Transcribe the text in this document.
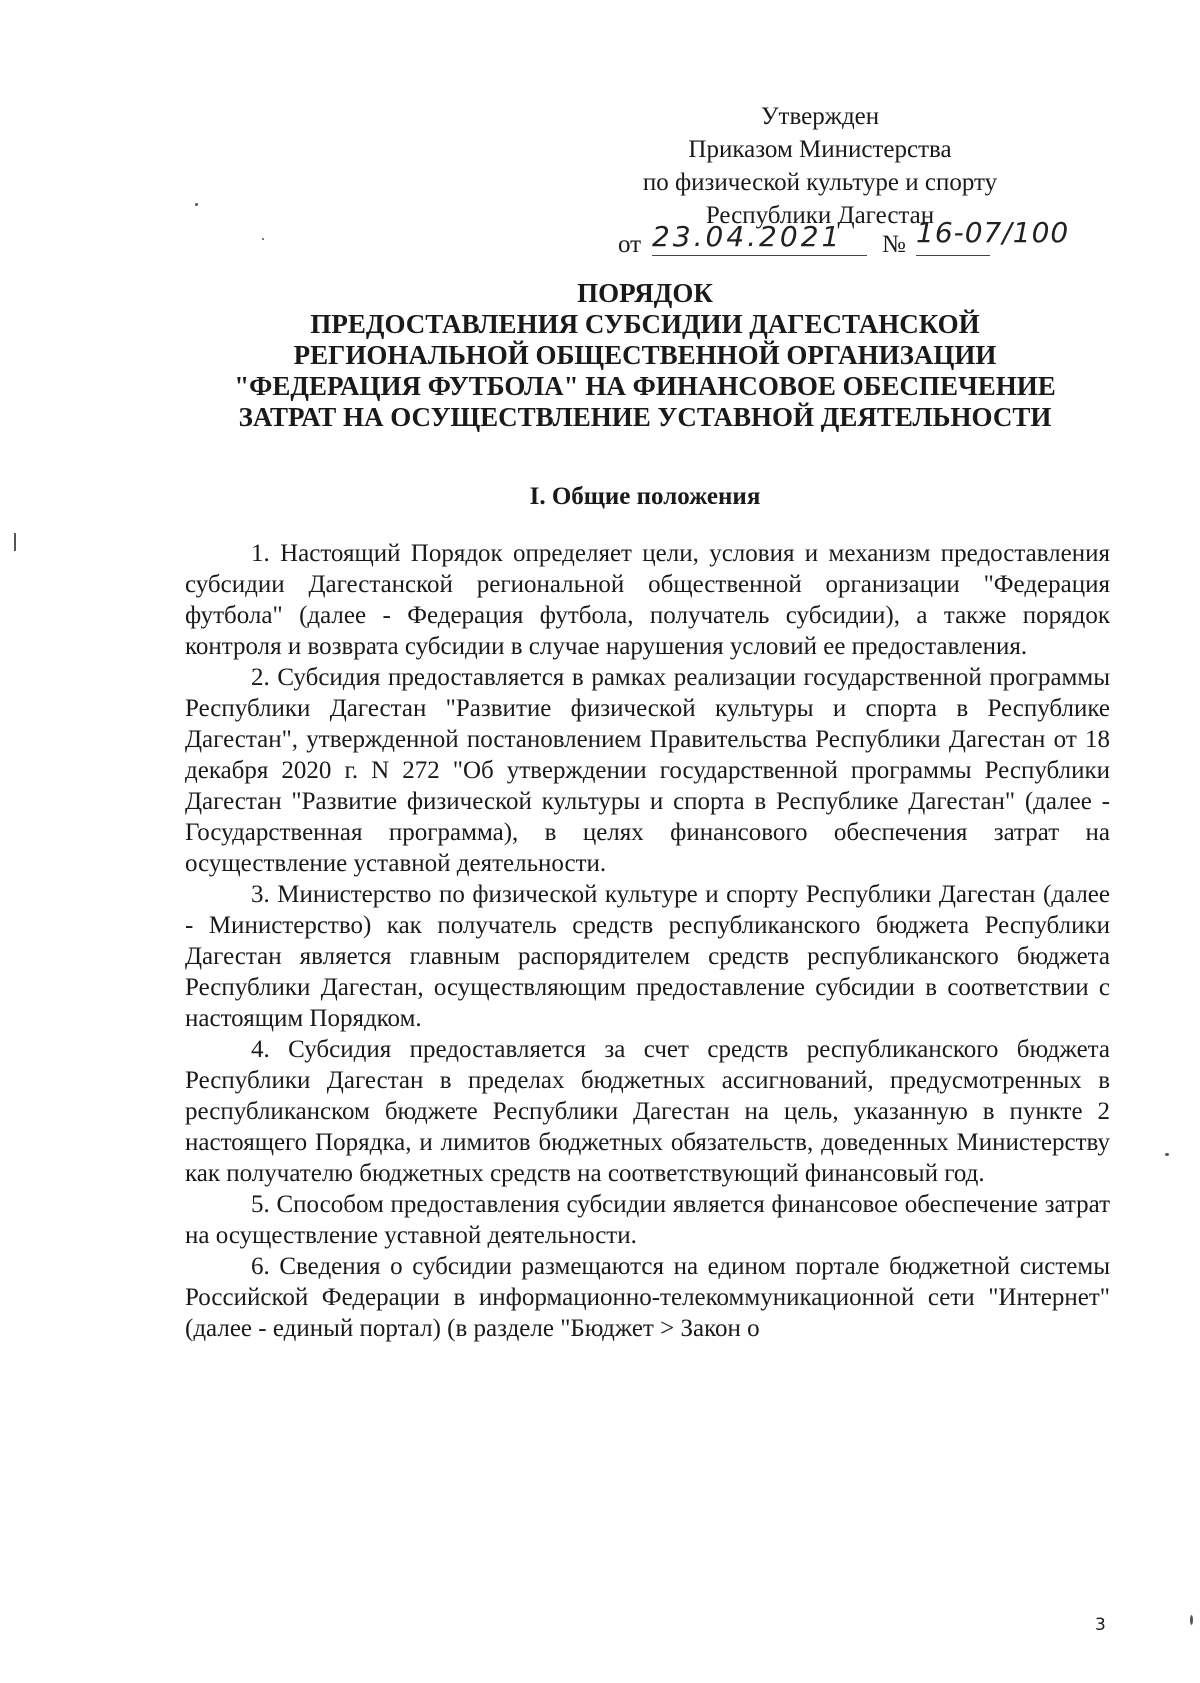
Утвержден
Приказом Министерства
по физической культуре и спорту
Республики Дагестан
от 23.04.2021	№ 16-07/100
ПОРЯДОК
ПРЕДОСТАВЛЕНИЯ СУБСИДИИ ДАГЕСТАНСКОЙ
РЕГИОНАЛЬНОЙ ОБЩЕСТВЕННОЙ ОРГАНИЗАЦИИ
"ФЕДЕРАЦИЯ ФУТБОЛА" НА ФИНАНСОВОЕ ОБЕСПЕЧЕНИЕ
ЗАТРАТ НА ОСУЩЕСТВЛЕНИЕ УСТАВНОЙ ДЕЯТЕЛЬНОСТИ
I. Общие положения

1. Настоящий Порядок определяет цели, условия и механизм предоставления субсидии Дагестанской региональной общественной организации "Федерация футбола" (далее - Федерация футбола, получатель субсидии), а также порядок контроля и возврата субсидии в случае нарушения условий ее предоставления.

2. Субсидия предоставляется в рамках реализации государственной программы Республики Дагестан "Развитие физической культуры и спорта в Республике Дагестан", утвержденной постановлением Правительства Республики Дагестан от 18 декабря 2020 г. N 272 "Об утверждении государственной программы Республики Дагестан "Развитие физической культуры и спорта в Республике Дагестан" (далее - Государственная программа), в целях финансового обеспечения затрат на осуществление уставной деятельности.

3. Министерство по физической культуре и спорту Республики Дагестан (далее - Министерство) как получатель средств республиканского бюджета Республики Дагестан является главным распорядителем средств республиканского бюджета Республики Дагестан, осуществляющим предоставление субсидии в соответствии с настоящим Порядком.

4. Субсидия предоставляется за счет средств республиканского бюджета Республики Дагестан в пределах бюджетных ассигнований, предусмотренных в республиканском бюджете Республики Дагестан на цель, указанную в пункте 2 настоящего Порядка, и лимитов бюджетных обязательств, доведенных Министерству как получателю бюджетных средств на соответствующий финансовый год.

5. Способом предоставления субсидии является финансовое обеспечение затрат на осуществление уставной деятельности.

6. Сведения о субсидии размещаются на едином портале бюджетной системы Российской Федерации в информационно-телекоммуникационной сети "Интернет" (далее - единый портал) (в разделе "Бюджет > Закон о

3
